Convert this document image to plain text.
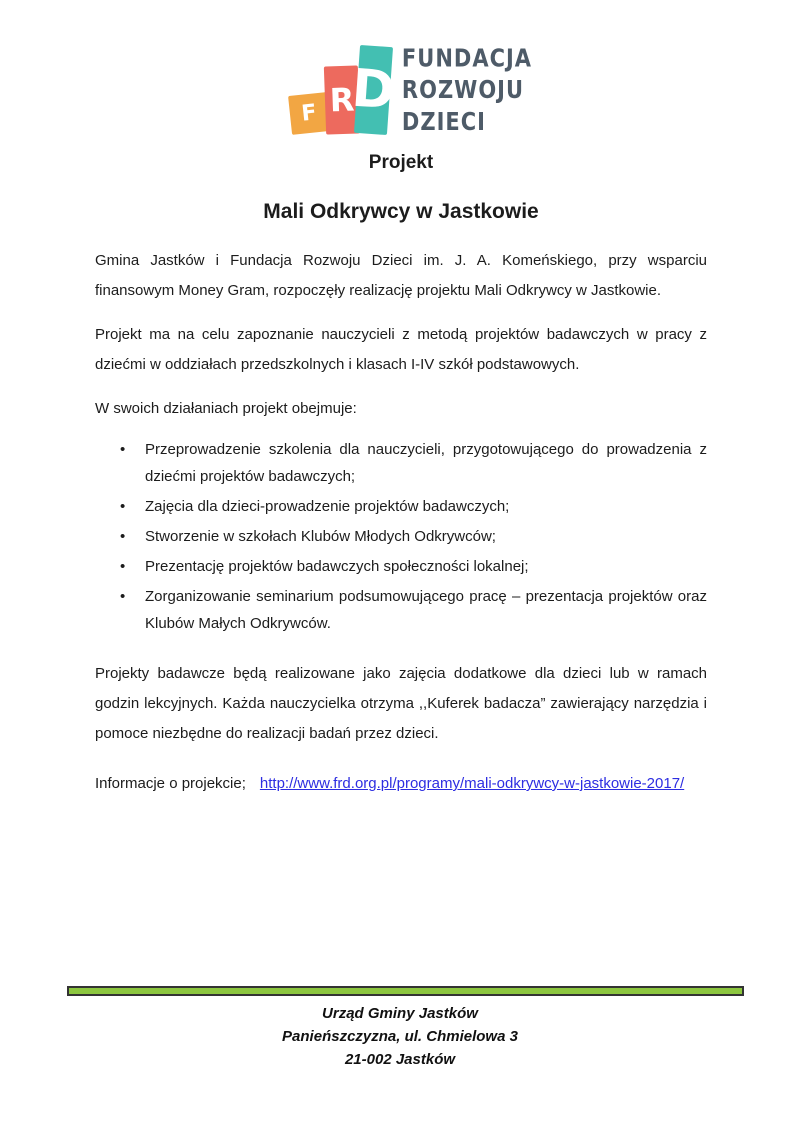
F R
D
FUNDACJA
ROZWOJU
DZIECI
Projekt
Mali Odkrywcy w Jastkowie

Gmina Jastków i Fundacja Rozwoju Dzieci im. J. A. Komeńskiego, przy wsparciu finansowym Money Gram, rozpoczęły realizację projektu Mali Odkrywcy w Jastkowie.

Projekt ma na celu zapoznanie nauczycieli z metodą projektów badawczych w pracy z dziećmi w oddziałach przedszkolnych i klasach I-IV szkół podstawowych.

W swoich działaniach projekt obejmuje:

• Przeprowadzenie szkolenia dla nauczycieli, przygotowującego do prowadzenia z dziećmi projektów badawczych;
• Zajęcia dla dzieci-prowadzenie projektów badawczych;
• Stworzenie w szkołach Klubów Młodych Odkrywców;
• Prezentację projektów badawczych społeczności lokalnej;
• Zorganizowanie seminarium podsumowującego pracę – prezentacja projektów oraz Klubów Małych Odkrywców.

Projekty badawcze będą realizowane jako zajęcia dodatkowe dla dzieci lub w ramach godzin lekcyjnych. Każda nauczycielka otrzyma ,,Kuferek badacza” zawierający narzędzia i pomoce niezbędne do realizacji badań przez dzieci.

Informacje o projekcie; http://www.frd.org.pl/programy/mali-odkrywcy-w-jastkowie-2017/

Urząd Gminy Jastków
Panieńszczyzna, ul. Chmielowa 3
21-002 Jastków
